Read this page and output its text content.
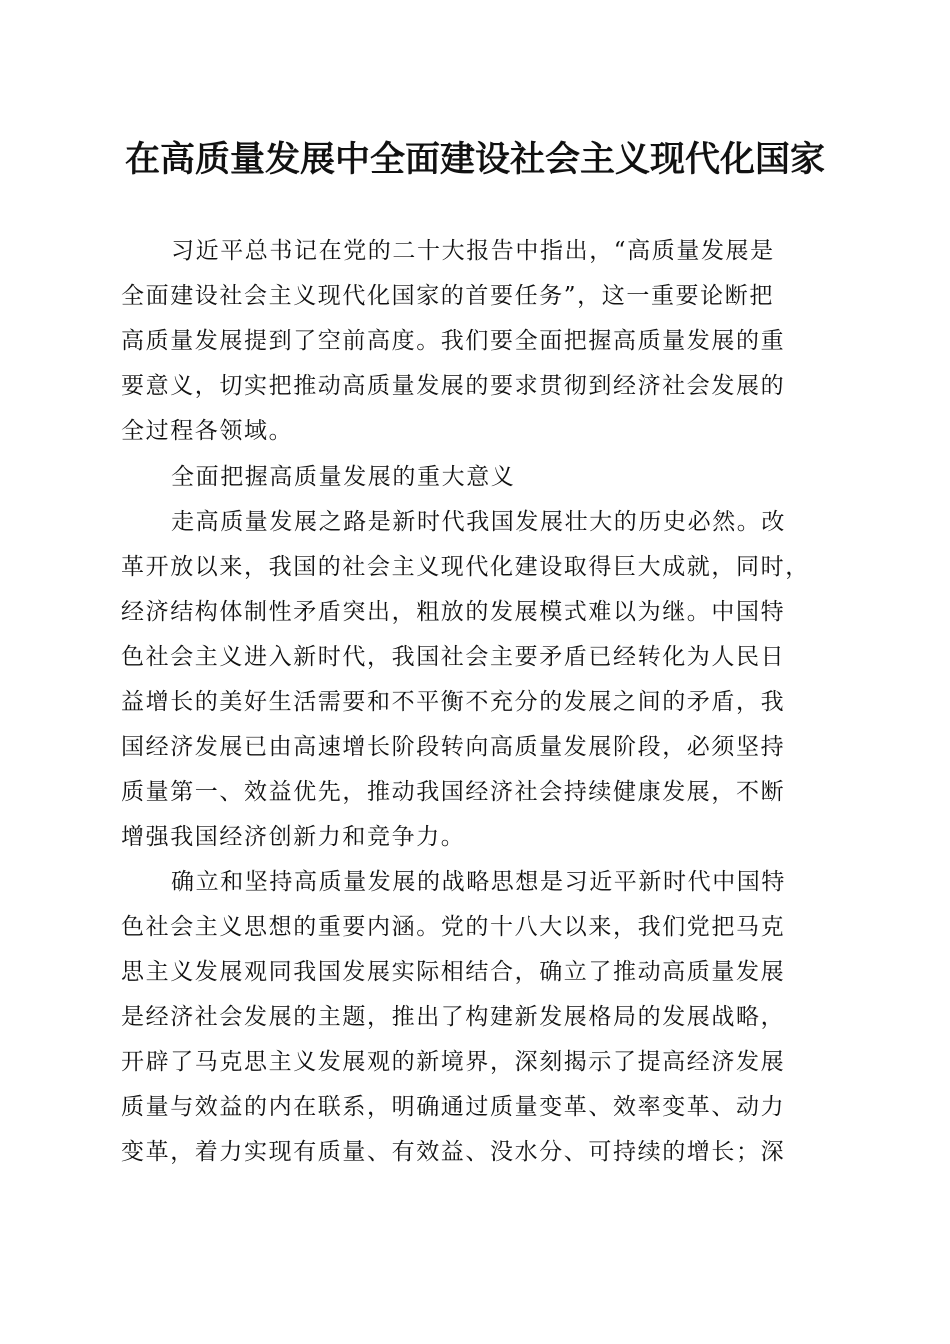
在高质量发展中全面建设社会主义现代化国家
习近平总书记在党的二十大报告中指出，“高质量发展是
全面建设社会主义现代化国家的首要任务”，这一重要论断把
高质量发展提到了空前高度。我们要全面把握高质量发展的重
要意义，切实把推动高质量发展的要求贯彻到经济社会发展的
全过程各领域。
全面把握高质量发展的重大意义
走高质量发展之路是新时代我国发展壮大的历史必然。改
革开放以来，我国的社会主义现代化建设取得巨大成就，同时，
经济结构体制性矛盾突出，粗放的发展模式难以为继。中国特
色社会主义进入新时代，我国社会主要矛盾已经转化为人民日
益增长的美好生活需要和不平衡不充分的发展之间的矛盾，我
国经济发展已由高速增长阶段转向高质量发展阶段，必须坚持
质量第一、效益优先，推动我国经济社会持续健康发展，不断
增强我国经济创新力和竞争力。
确立和坚持高质量发展的战略思想是习近平新时代中国特
色社会主义思想的重要内涵。党的十八大以来，我们党把马克
思主义发展观同我国发展实际相结合，确立了推动高质量发展
是经济社会发展的主题，推出了构建新发展格局的发展战略，
开辟了马克思主义发展观的新境界，深刻揭示了提高经济发展
质量与效益的内在联系，明确通过质量变革、效率变革、动力
变革，着力实现有质量、有效益、没水分、可持续的增长；深
